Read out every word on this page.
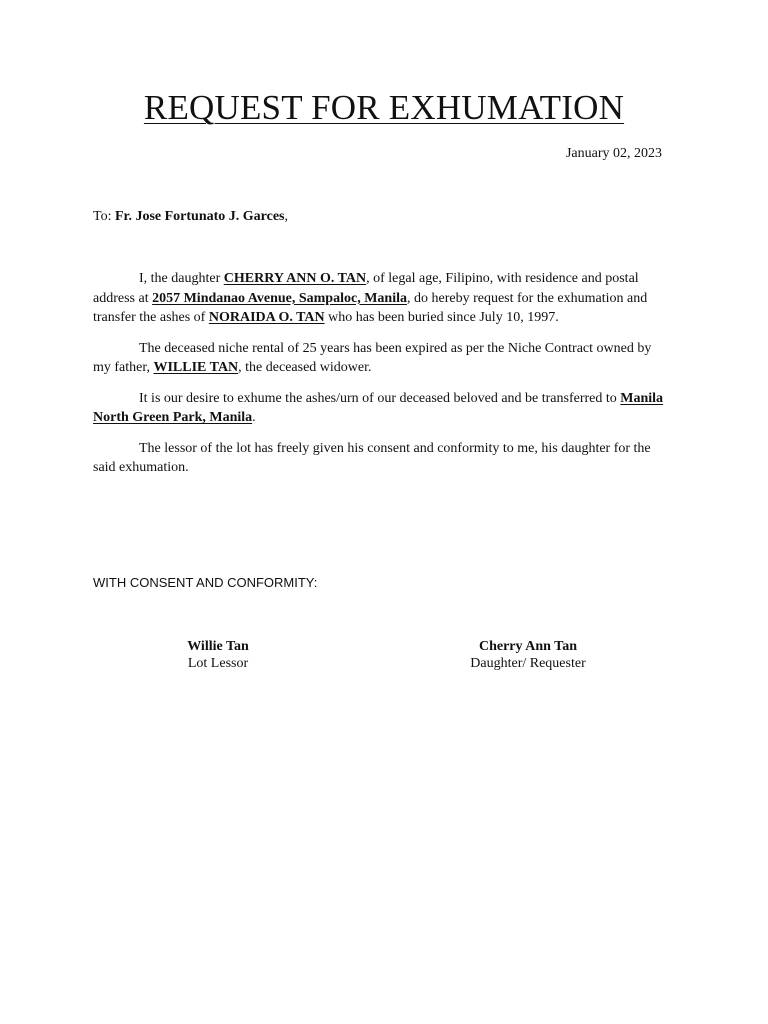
REQUEST FOR EXHUMATION
January 02, 2023
To: Fr. Jose Fortunato J. Garces,

I, the daughter CHERRY ANN O. TAN, of legal age, Filipino, with residence and postal address at 2057 Mindanao Avenue, Sampaloc, Manila, do hereby request for the exhumation and transfer the ashes of NORAIDA O. TAN who has been buried since July 10, 1997.

The deceased niche rental of 25 years has been expired as per the Niche Contract owned by my father, WILLIE TAN, the deceased widower.

It is our desire to exhume the ashes/urn of our deceased beloved and be transferred to Manila North Green Park, Manila.

The lessor of the lot has freely given his consent and conformity to me, his daughter for the said exhumation.

WITH CONSENT AND CONFORMITY:
Willie Tan
Lot Lessor
Cherry Ann Tan
Daughter/ Requester
